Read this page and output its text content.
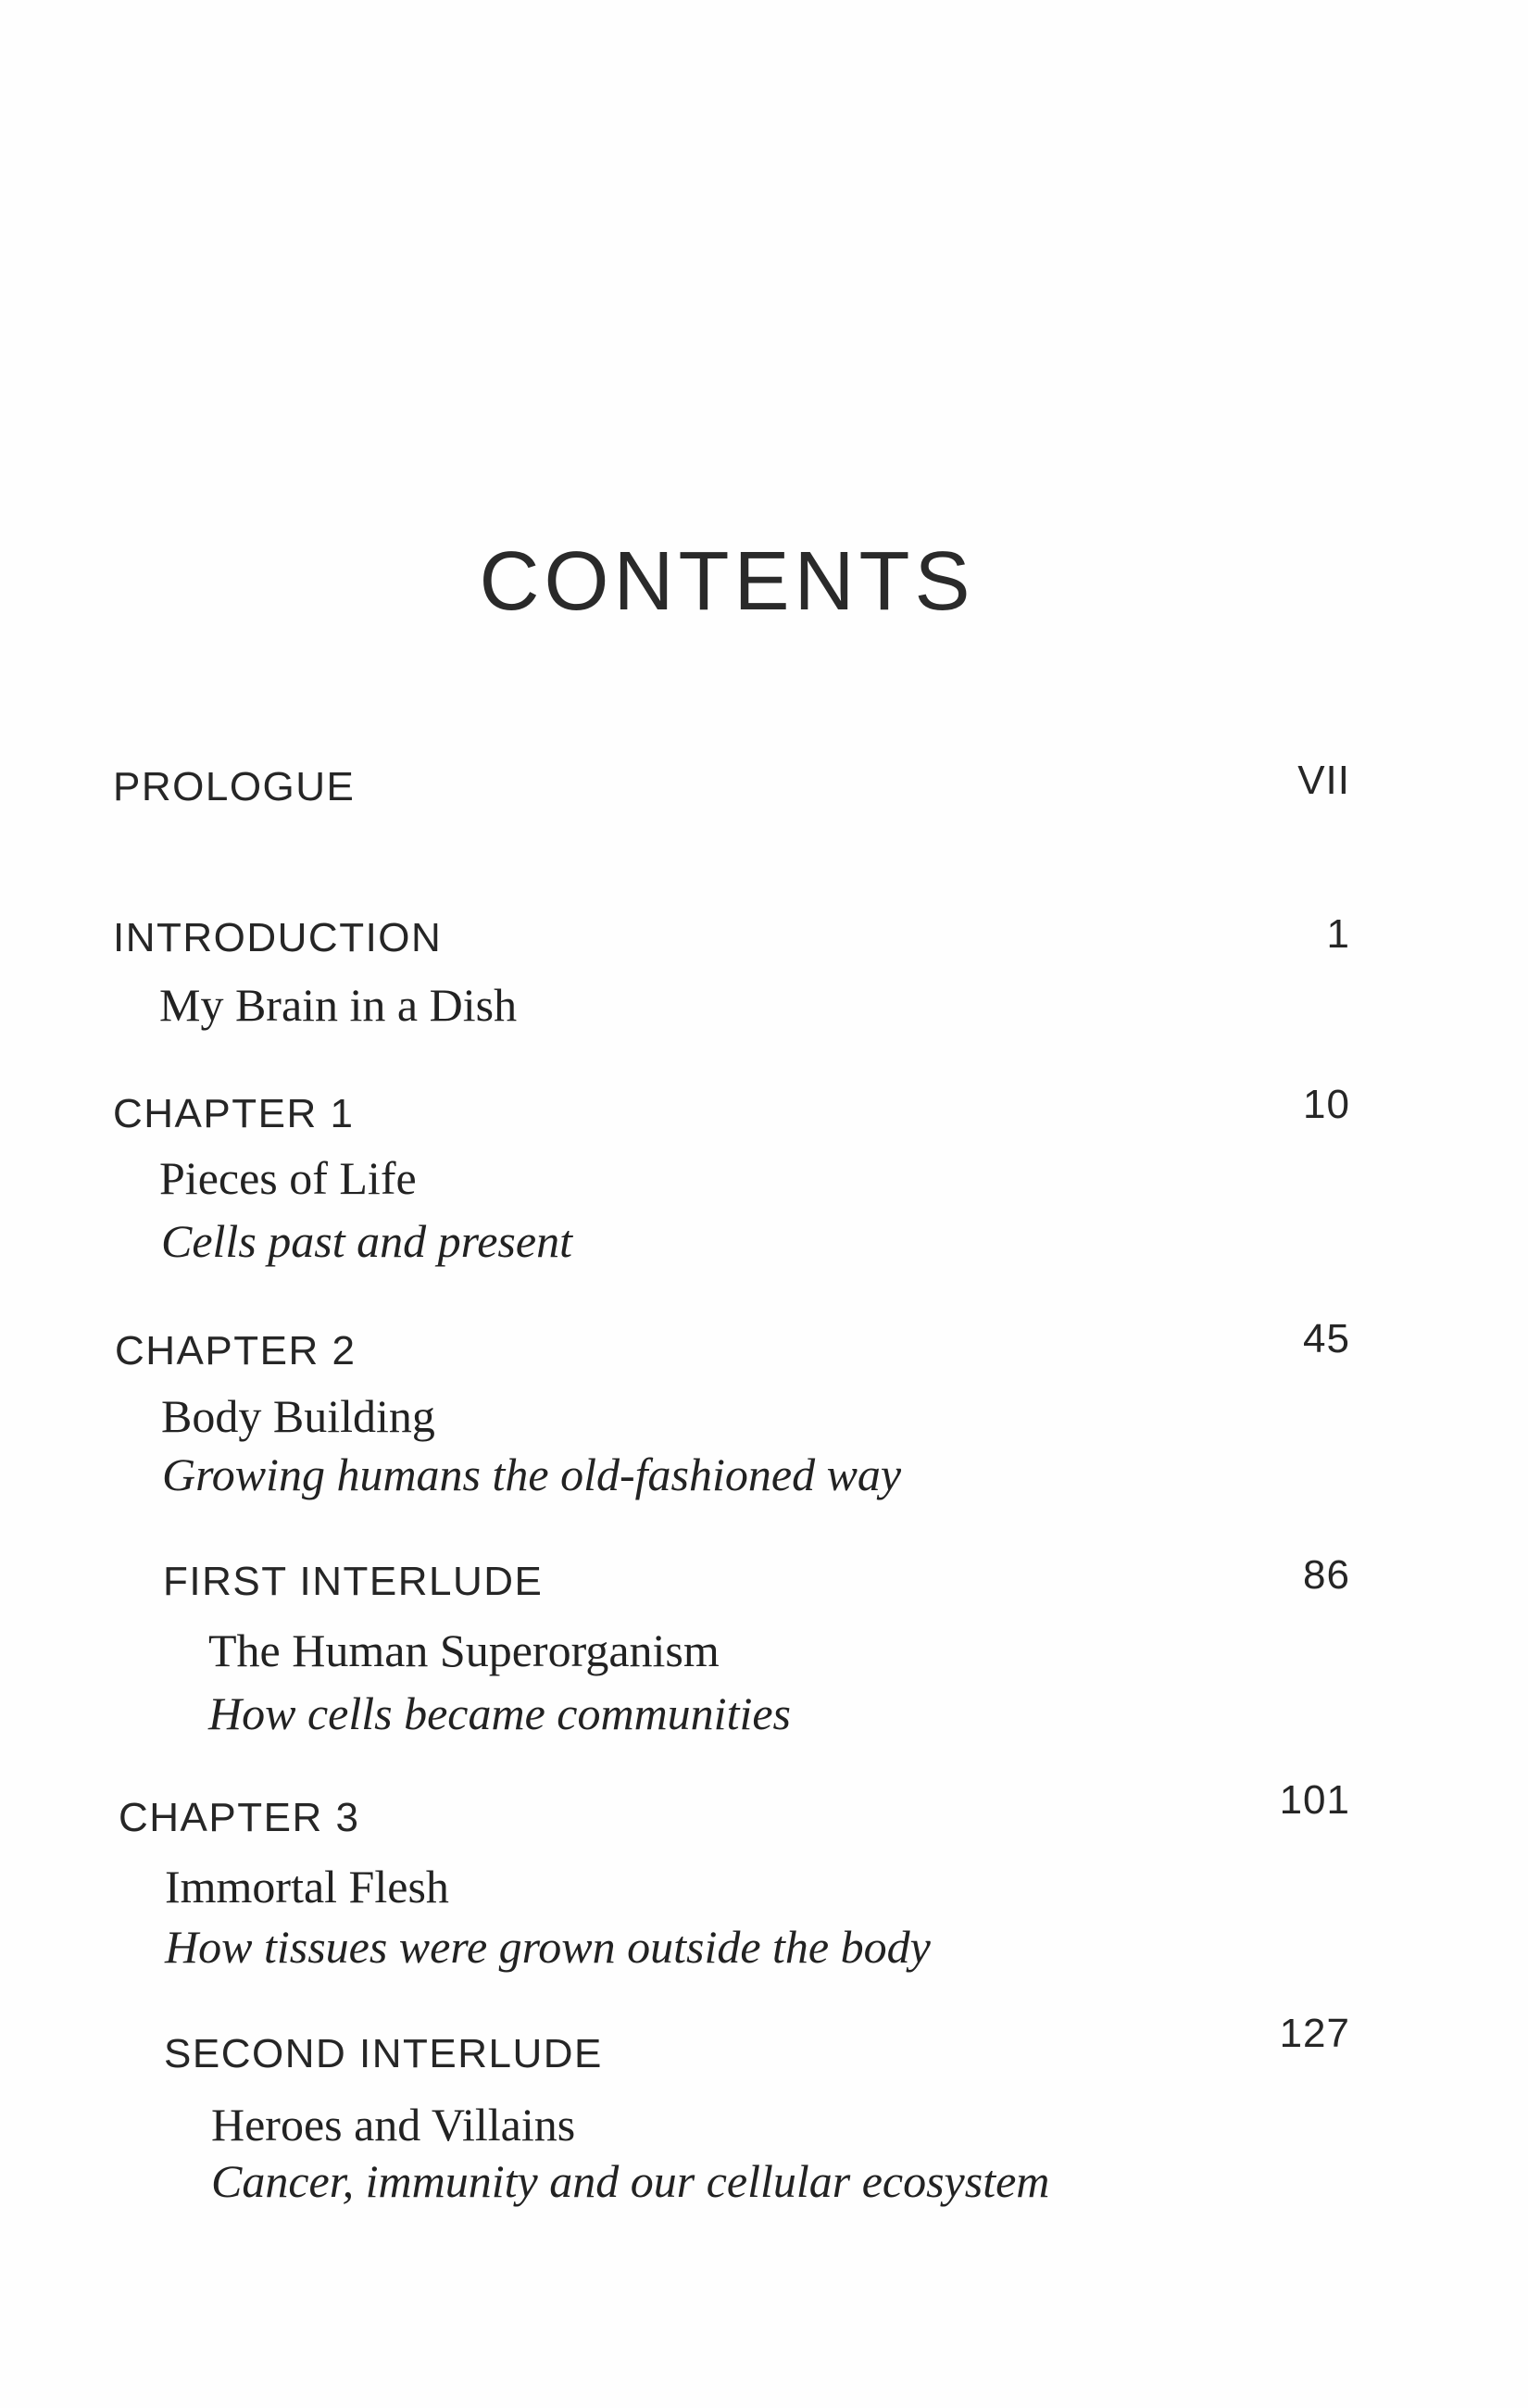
CONTENTS
PROLOGUE	VII
INTRODUCTION	1
My Brain in a Dish
CHAPTER 1	10
Pieces of Life
Cells past and present
CHAPTER 2	45
Body Building
Growing humans the old-fashioned way
FIRST INTERLUDE	86
The Human Superorganism
How cells became communities
CHAPTER 3	101
Immortal Flesh
How tissues were grown outside the body
SECOND INTERLUDE	127
Heroes and Villains
Cancer, immunity and our cellular ecosystem
